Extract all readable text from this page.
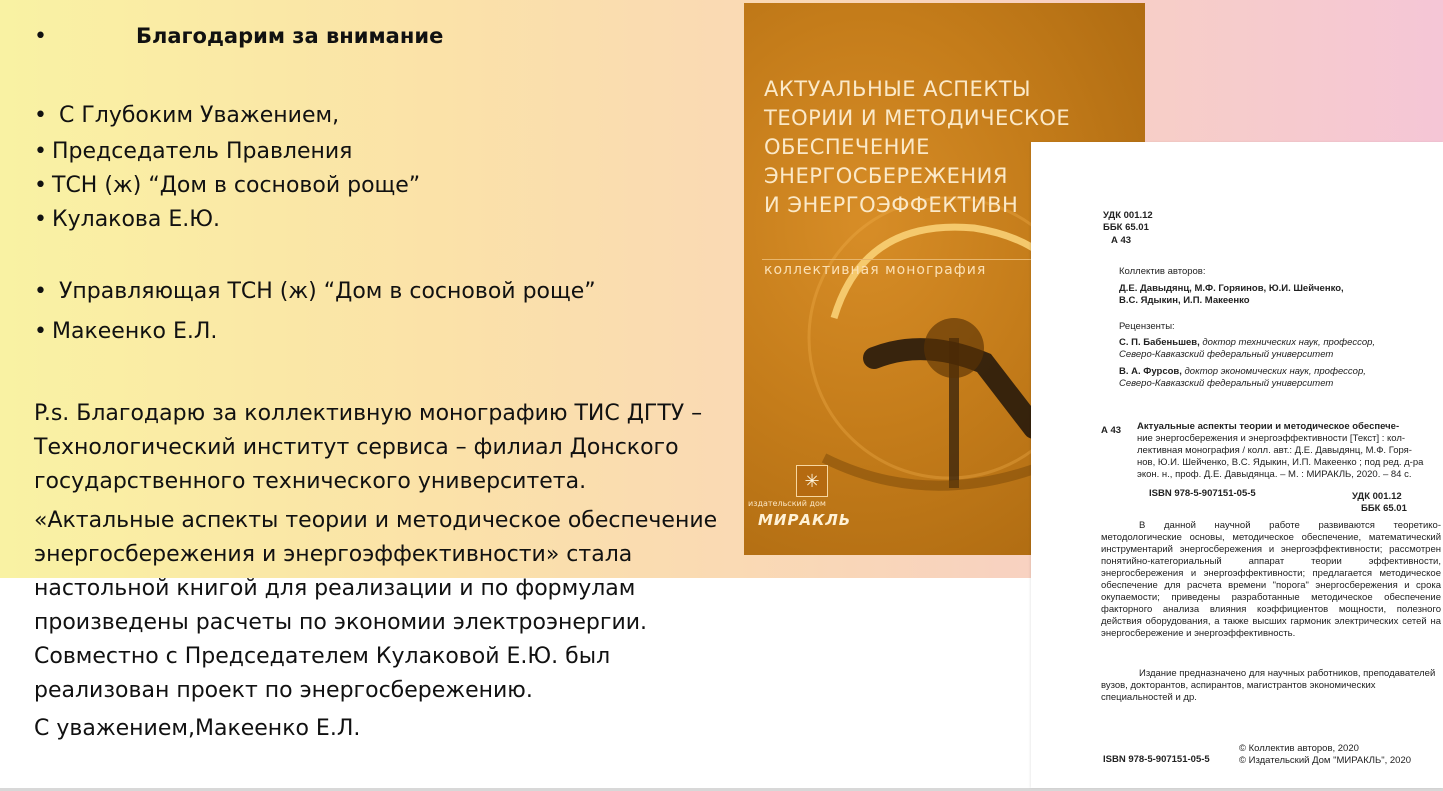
•	Благодарим за внимание
• С Глубоким Уважением,
• Председатель Правления
• ТСН (ж) “Дом в сосновой роще”
• Кулакова Е.Ю.
• Управляющая ТСН (ж) “Дом в сосновой роще”
• Макеенко Е.Л.
P.s. Благодарю за коллективную монографию ТИС ДГТУ – Технологический институт сервиса – филиал Донского государственного технического университета.
«Актальные аспекты теории и методическое обеспечение энергосбережения и энергоэффективности» стала настольной книгой для реализации и по формулам произведены расчеты по экономии электроэнергии. Совместно с Председателем Кулаковой Е.Ю. был реализован проект по энергосбережению.
С уважением,Макеенко Е.Л.
АКТУАЛЬНЫЕ АСПЕКТЫ
ТЕОРИИ И МЕТОДИЧЕСКОЕ
ОБЕСПЕЧЕНИЕ
ЭНЕРГОСБЕРЕЖЕНИЯ
И ЭНЕРГОЭФФЕКТИВН
коллективная монография
✳
издательский дом
МИРАКЛЬ
УДК 001.12
ББК 65.01
А 43
Коллектив авторов:
Д.Е. Давыдянц, М.Ф. Горяинов, Ю.И. Шейченко,
В.С. Ядыкин, И.П. Макеенко
Рецензенты:
С. П. Бабеньшев, доктор технических наук, профессор,
Северо-Кавказский федеральный университет
В. А. Фурсов, доктор экономических наук, профессор,
Северо-Кавказский федеральный университет
А 43 Актуальные аспекты теории и методическое обеспече-
ние энергосбережения и энергоэффективности [Текст] : кол-
лективная монография / колл. авт.: Д.Е. Давыдянц, М.Ф. Горя-
нов, Ю.И. Шейченко, В.С. Ядыкин, И.П. Макеенко ; под ред. д-ра
экон. н., проф. Д.Е. Давыдянца. – М. : МИРАКЛЬ, 2020. – 84 с.
ISBN 978-5-907151-05-5	УДК 001.12
ББК 65.01

В данной научной работе развиваются теоретико-методологические основы, методическое обеспечение, математический инструментарий энергосбережения и энергоэффективности; рассмотрен понятийно-категориальный аппарат теории эффективности, энергосбережения и энергоэффективности; предлагается методическое обеспечение для расчета времени "порога" энергосбережения и срока окупаемости; приведены разработанные методическое обеспечение факторного анализа влияния коэффициентов мощности, полезного действия оборудования, а также высших гармоник электрических сетей на энергосбережение и энергоэффективность.

Издание предназначено для научных работников, преподавателей вузов, докторантов, аспирантов, магистрантов экономических специальностей и др.
ISBN 978-5-907151-05-5
© Коллектив авторов, 2020
© Издательский Дом "МИРАКЛЬ", 2020
